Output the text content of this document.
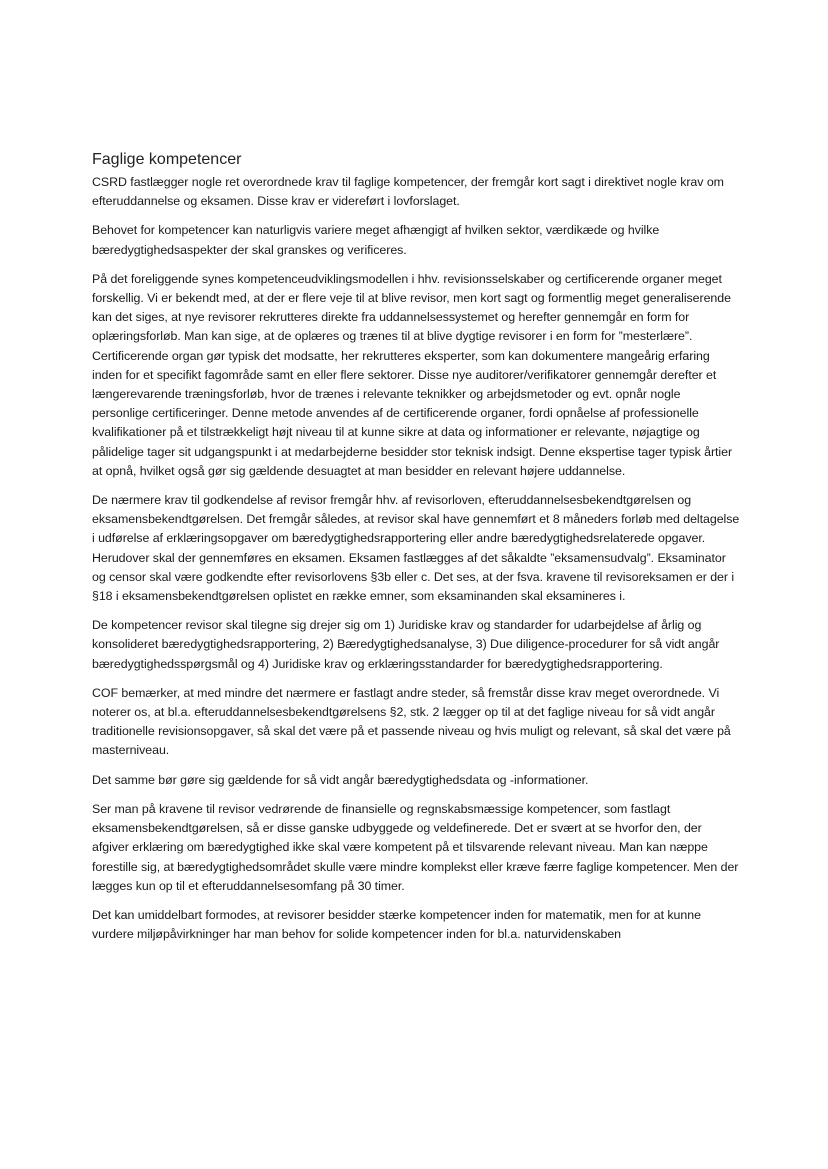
Faglige kompetencer

CSRD fastlægger nogle ret overordnede krav til faglige kompetencer, der fremgår kort sagt i direktivet nogle krav om efteruddannelse og eksamen. Disse krav er videreført i lovforslaget.

Behovet for kompetencer kan naturligvis variere meget afhængigt af hvilken sektor, værdikæde og hvilke bæredygtighedsaspekter der skal granskes og verificeres.

På det foreliggende synes kompetenceudviklingsmodellen i hhv. revisionsselskaber og certificerende organer meget forskellig. Vi er bekendt med, at der er flere veje til at blive revisor, men kort sagt og formentlig meget generaliserende kan det siges, at nye revisorer rekrutteres direkte fra uddannelsessystemet og herefter gennemgår en form for oplæringsforløb. Man kan sige, at de oplæres og trænes til at blive dygtige revisorer i en form for ”mesterlære”. Certificerende organ gør typisk det modsatte, her rekrutteres eksperter, som kan dokumentere mangeårig erfaring inden for et specifikt fagområde samt en eller flere sektorer. Disse nye auditorer/verifikatorer gennemgår derefter et længerevarende træningsforløb, hvor de trænes i relevante teknikker og arbejdsmetoder og evt. opnår nogle personlige certificeringer. Denne metode anvendes af de certificerende organer, fordi opnåelse af professionelle kvalifikationer på et tilstrækkeligt højt niveau til at kunne sikre at data og informationer er relevante, nøjagtige og pålidelige tager sit udgangspunkt i at medarbejderne besidder stor teknisk indsigt. Denne ekspertise tager typisk årtier at opnå, hvilket også gør sig gældende desuagtet at man besidder en relevant højere uddannelse.

De nærmere krav til godkendelse af revisor fremgår hhv. af revisorloven, efteruddannelsesbekendtgørelsen og eksamensbekendtgørelsen. Det fremgår således, at revisor skal have gennemført et 8 måneders forløb med deltagelse i udførelse af erklæringsopgaver om bæredygtighedsrapportering eller andre bæredygtighedsrelaterede opgaver. Herudover skal der gennemføres en eksamen. Eksamen fastlægges af det såkaldte ”eksamensudvalg”. Eksaminator og censor skal være godkendte efter revisorlovens §3b eller c. Det ses, at der fsva. kravene til revisoreksamen er der i §18 i eksamensbekendtgørelsen oplistet en række emner, som eksaminanden skal eksamineres i.

De kompetencer revisor skal tilegne sig drejer sig om 1) Juridiske krav og standarder for udarbejdelse af årlig og konsolideret bæredygtighedsrapportering, 2) Bæredygtighedsanalyse, 3) Due diligence-procedurer for så vidt angår bæredygtighedsspørgsmål og 4) Juridiske krav og erklæringsstandarder for bæredygtighedsrapportering.

COF bemærker, at med mindre det nærmere er fastlagt andre steder, så fremstår disse krav meget overordnede. Vi noterer os, at bl.a. efteruddannelsesbekendtgørelsens §2, stk. 2 lægger op til at det faglige niveau for så vidt angår traditionelle revisionsopgaver, så skal det være på et passende niveau og hvis muligt og relevant, så skal det være på masterniveau.

Det samme bør gøre sig gældende for så vidt angår bæredygtighedsdata og -informationer.

Ser man på kravene til revisor vedrørende de finansielle og regnskabsmæssige kompetencer, som fastlagt eksamensbekendtgørelsen, så er disse ganske udbyggede og veldefinerede. Det er svært at se hvorfor den, der afgiver erklæring om bæredygtighed ikke skal være kompetent på et tilsvarende relevant niveau. Man kan næppe forestille sig, at bæredygtighedsområdet skulle være mindre komplekst eller kræve færre faglige kompetencer. Men der lægges kun op til et efteruddannelsesomfang på 30 timer.

Det kan umiddelbart formodes, at revisorer besidder stærke kompetencer inden for matematik, men for at kunne vurdere miljøpåvirkninger har man behov for solide kompetencer inden for bl.a. naturvidenskaben
